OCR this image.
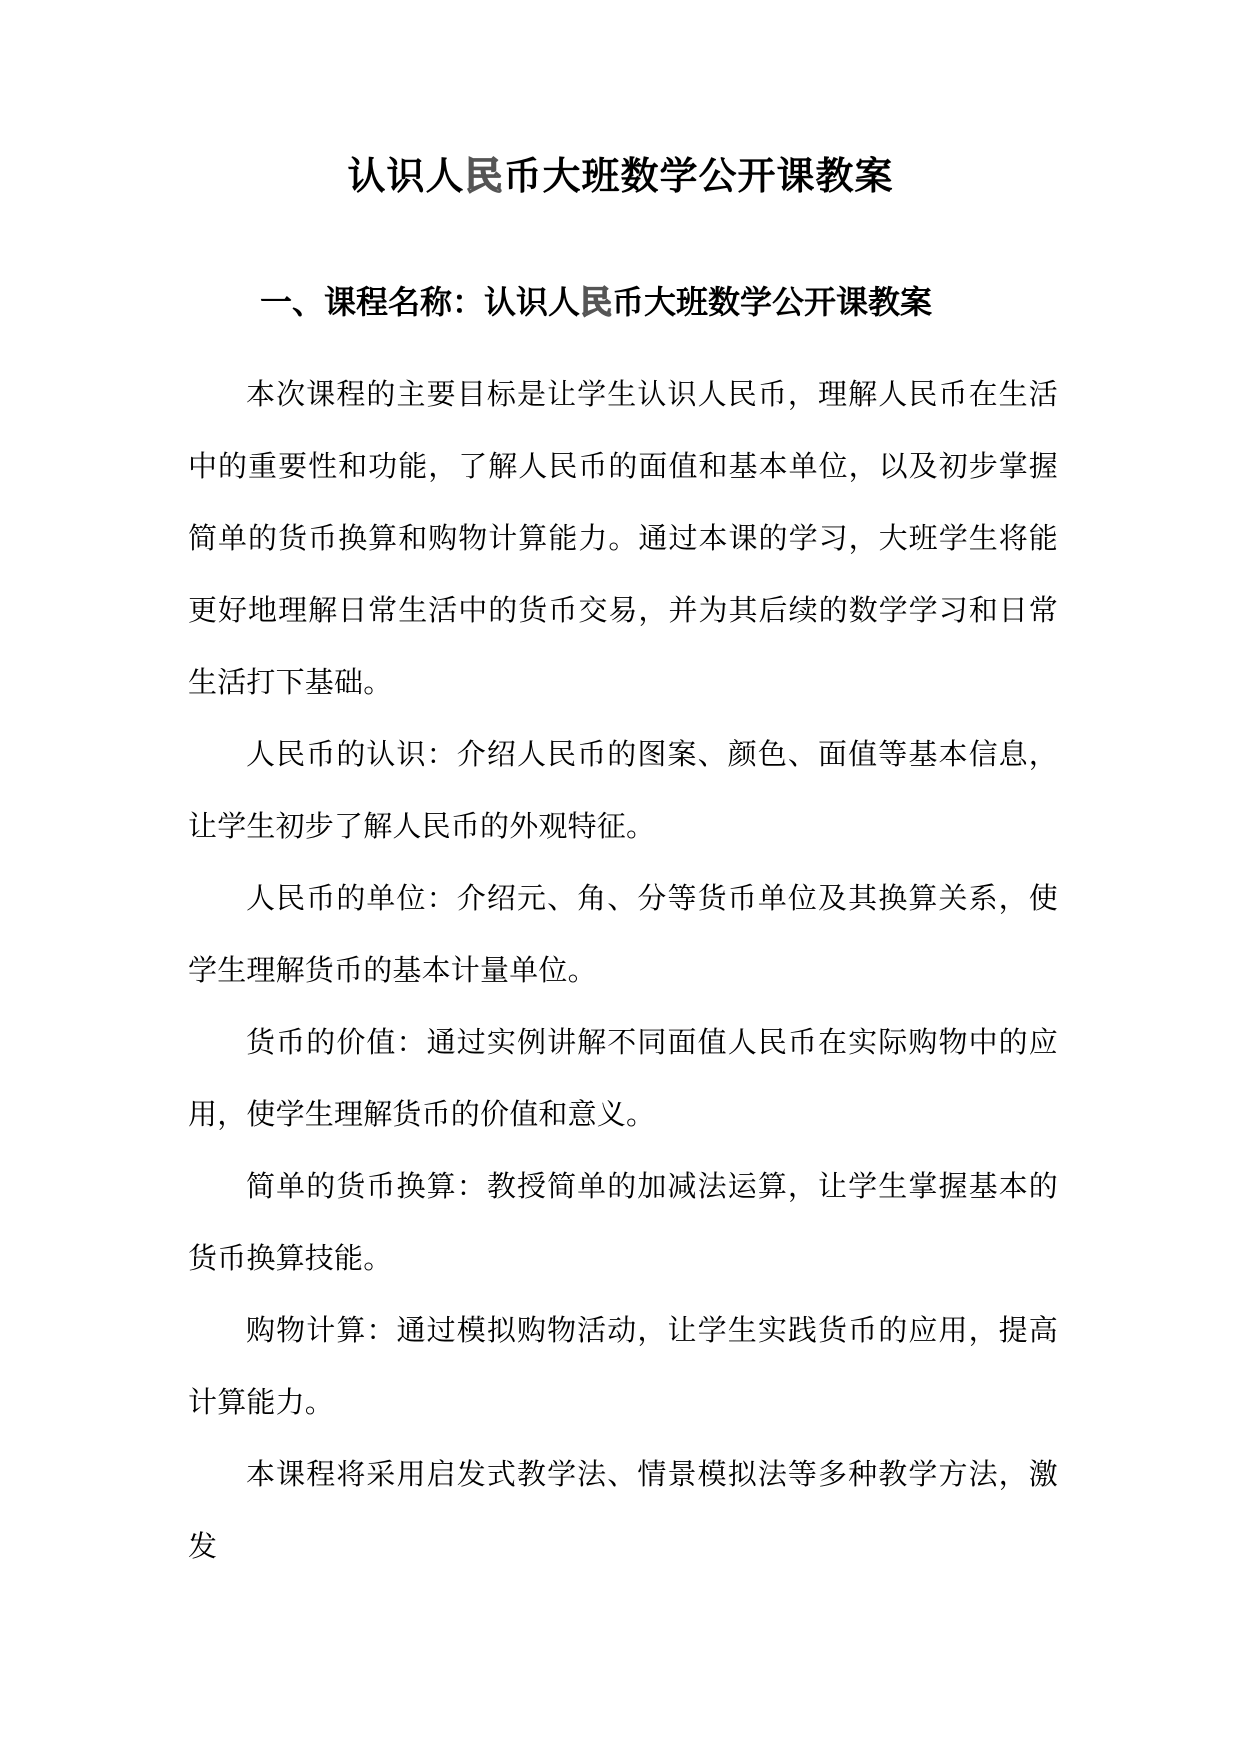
认识人民币大班数学公开课教案
一、课程名称：认识人民币大班数学公开课教案

本次课程的主要目标是让学生认识人民币，理解人民币在生活中的重要性和功能，了解人民币的面值和基本单位，以及初步掌握简单的货币换算和购物计算能力。通过本课的学习，大班学生将能更好地理解日常生活中的货币交易，并为其后续的数学学习和日常生活打下基础。

人民币的认识：介绍人民币的图案、颜色、面值等基本信息，让学生初步了解人民币的外观特征。

人民币的单位：介绍元、角、分等货币单位及其换算关系，使学生理解货币的基本计量单位。

货币的价值：通过实例讲解不同面值人民币在实际购物中的应用，使学生理解货币的价值和意义。

简单的货币换算：教授简单的加减法运算，让学生掌握基本的货币换算技能。

购物计算：通过模拟购物活动，让学生实践货币的应用，提高计算能力。

本课程将采用启发式教学法、情景模拟法等多种教学方法，激发
